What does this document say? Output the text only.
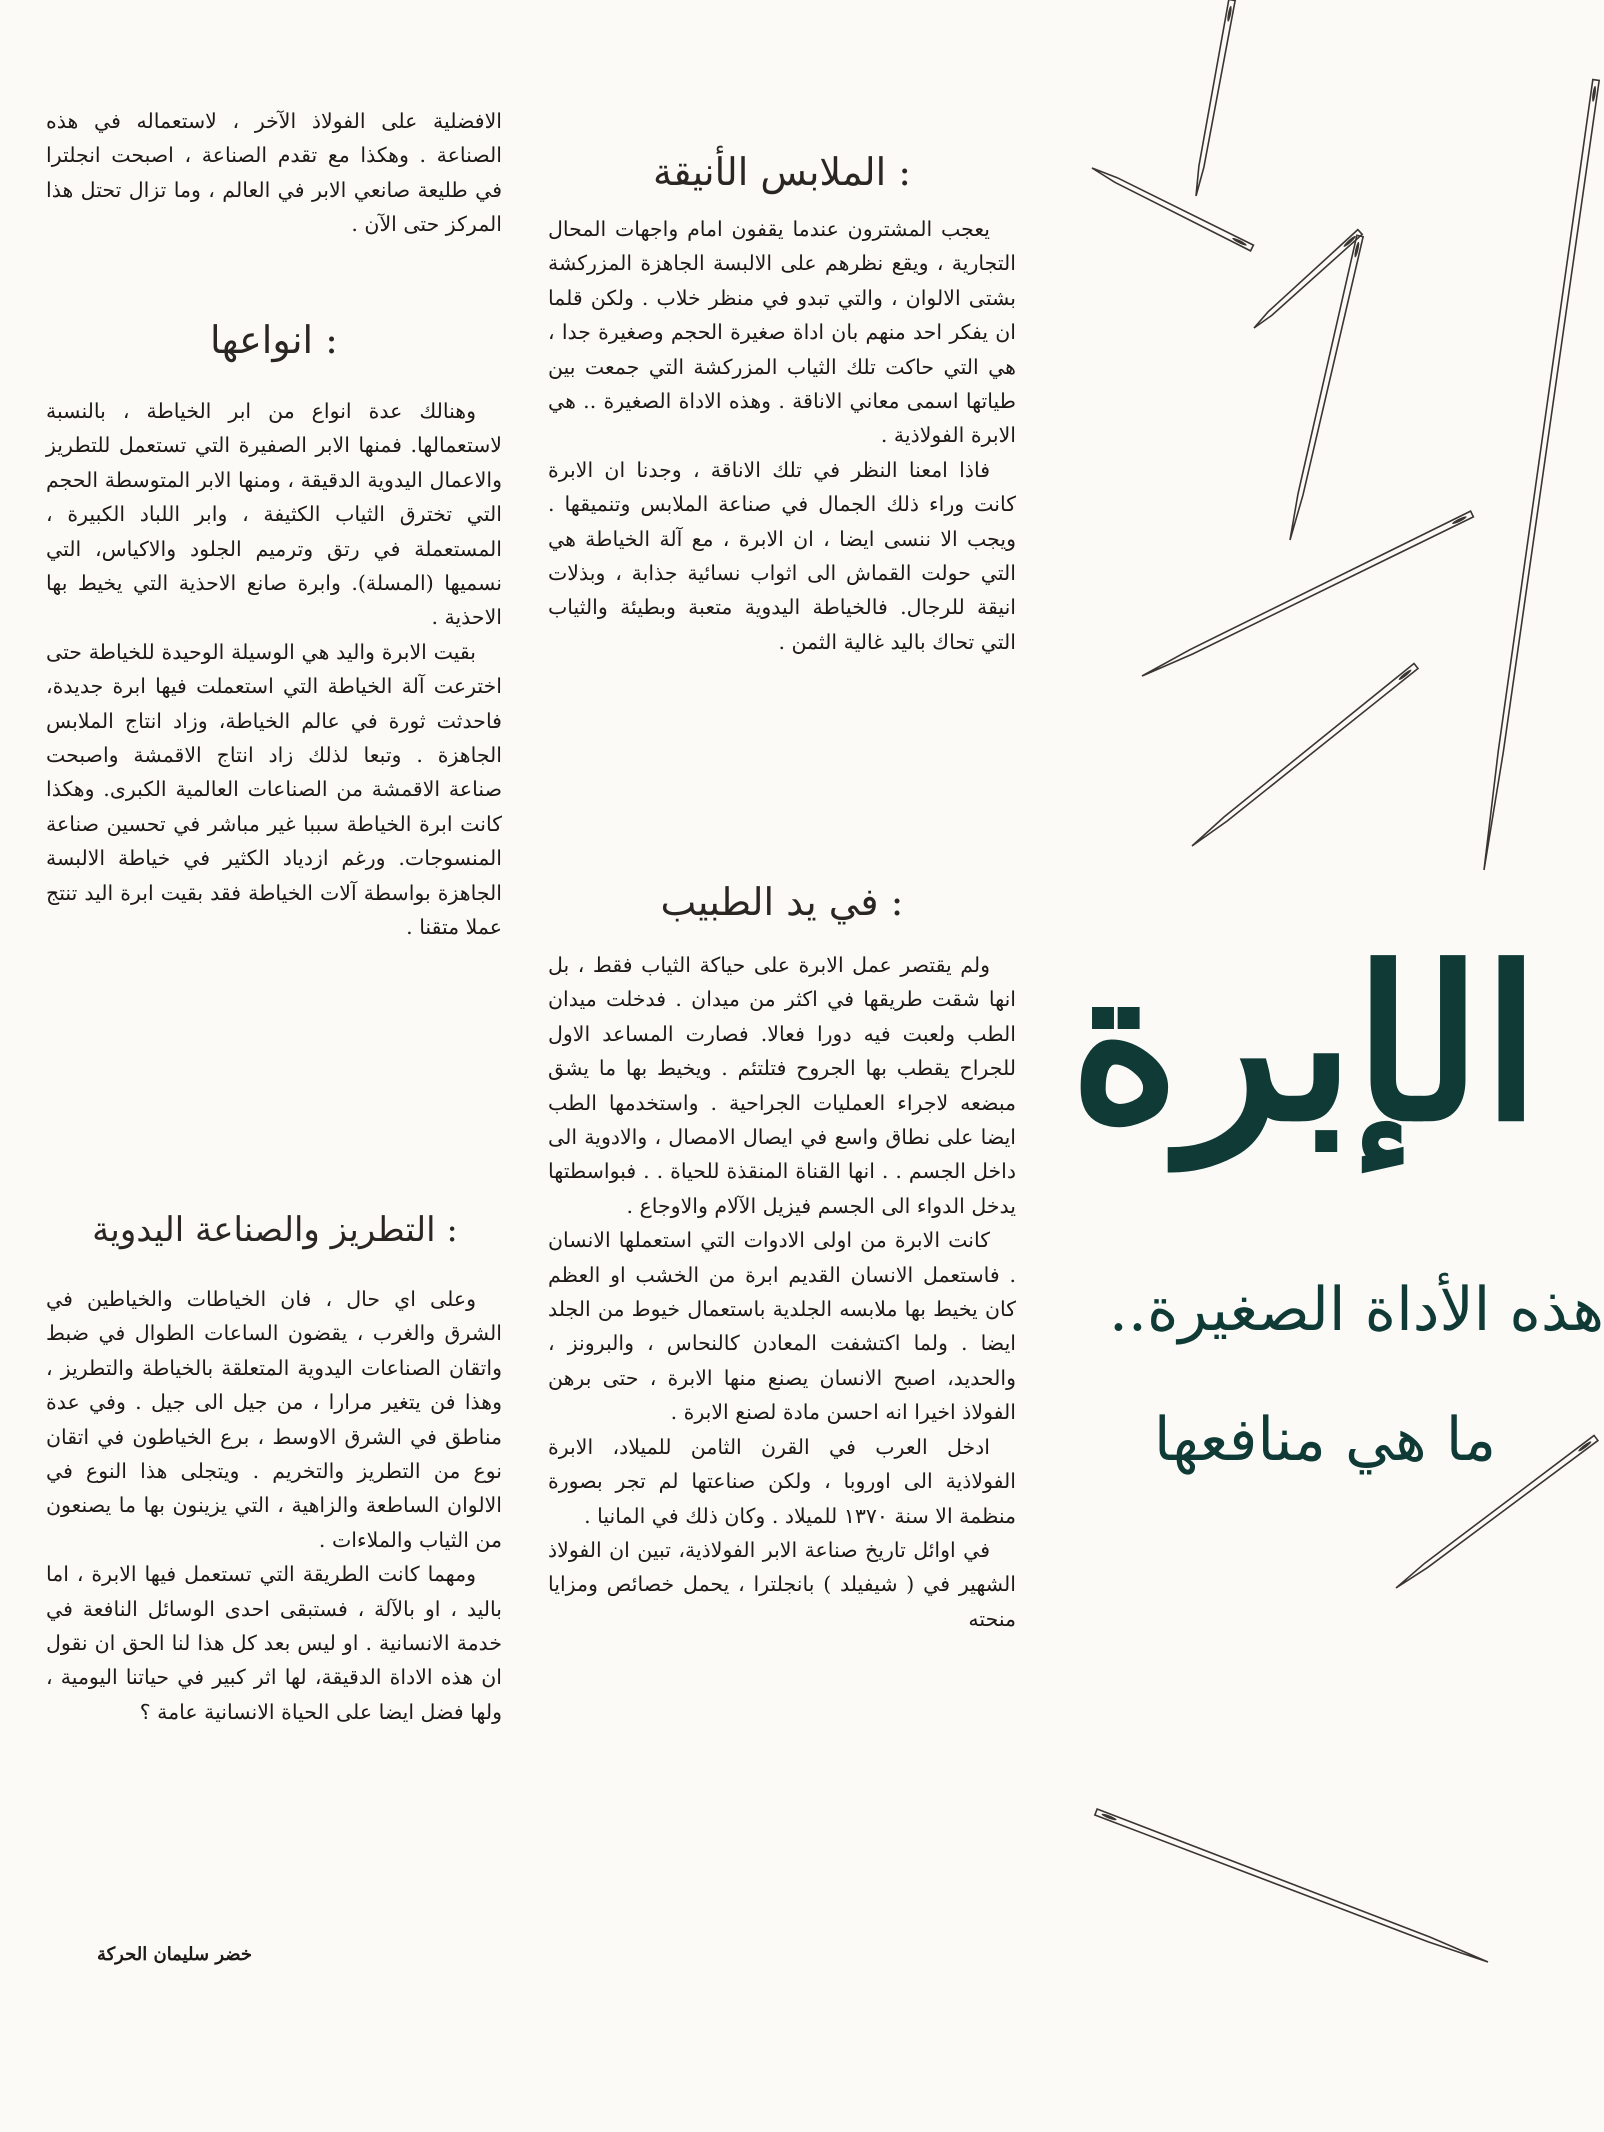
الافضلية على الفولاذ الآخر ، لاستعماله في هذه الصناعة . وهكذا مع تقدم الصناعة ، اصبحت انجلترا في طليعة صانعي الابر في العالم ، وما تزال تحتل هذا المركز حتى الآن .

انواعها :

وهنالك عدة انواع من ابر الخياطة ، بالنسبة لاستعمالها. فمنها الابر الصفيرة التي تستعمل للتطريز والاعمال اليدوية الدقيقة ، ومنها الابر المتوسطة الحجم التي تخترق الثياب الكثيفة ، وابر اللباد الكبيرة ، المستعملة في رتق وترميم الجلود والاكياس، التي نسميها (المسلة). وابرة صانع الاحذية التي يخيط بها الاحذية .

بقيت الابرة واليد هي الوسيلة الوحيدة للخياطة حتى اخترعت آلة الخياطة التي استعملت فيها ابرة جديدة، فاحدثت ثورة في عالم الخياطة، وزاد انتاج الملابس الجاهزة . وتبعا لذلك زاد انتاج الاقمشة واصبحت صناعة الاقمشة من الصناعات العالمية الكبرى. وهكذا كانت ابرة الخياطة سببا غير مباشر في تحسين صناعة المنسوجات. ورغم ازدياد الكثير في خياطة الالبسة الجاهزة بواسطة آلات الخياطة فقد بقيت ابرة اليد تنتج عملا متقنا .

التطريز والصناعة اليدوية :

وعلى اي حال ، فان الخياطات والخياطين في الشرق والغرب ، يقضون الساعات الطوال في ضبط واتقان الصناعات اليدوية المتعلقة بالخياطة والتطريز ، وهذا فن يتغير مرارا ، من جيل الى جيل . وفي عدة مناطق في الشرق الاوسط ، برع الخياطون في اتقان نوع من التطريز والتخريم . ويتجلى هذا النوع في الالوان الساطعة والزاهية ، التي يزينون بها ما يصنعون من الثياب والملاءات .

ومهما كانت الطريقة التي تستعمل فيها الابرة ، اما باليد ، او بالآلة ، فستبقى احدى الوسائل النافعة في خدمة الانسانية . او ليس بعد كل هذا لنا الحق ان نقول ان هذه الاداة الدقيقة، لها اثر كبير في حياتنا اليومية ، ولها فضل ايضا على الحياة الانسانية عامة ؟

خضر سليمان الحركة
الملابس الأنيقة :

يعجب المشترون عندما يقفون امام واجهات المحال التجارية ، ويقع نظرهم على الالبسة الجاهزة المزركشة بشتى الالوان ، والتي تبدو في منظر خلاب . ولكن قلما ان يفكر احد منهم بان اداة صغيرة الحجم وصغيرة جدا ، هي التي حاكت تلك الثياب المزركشة التي جمعت بين طياتها اسمى معاني الاناقة . وهذه الاداة الصغيرة .. هي الابرة الفولاذية .

فاذا امعنا النظر في تلك الاناقة ، وجدنا ان الابرة كانت وراء ذلك الجمال في صناعة الملابس وتنميقها . ويجب الا ننسى ايضا ، ان الابرة ، مع آلة الخياطة هي التي حولت القماش الى اثواب نسائية جذابة ، وبذلات انيقة للرجال. فالخياطة اليدوية متعبة وبطيئة والثياب التي تحاك باليد غالية الثمن .

في يد الطبيب :

ولم يقتصر عمل الابرة على حياكة الثياب فقط ، بل انها شقت طريقها في اكثر من ميدان . فدخلت ميدان الطب ولعبت فيه دورا فعالا. فصارت المساعد الاول للجراح يقطب بها الجروح فتلتئم . ويخيط بها ما يشق مبضعه لاجراء العمليات الجراحية . واستخدمها الطب ايضا على نطاق واسع في ايصال الامصال ، والادوية الى داخل الجسم . . انها القناة المنقذة للحياة . . فبواسطتها يدخل الدواء الى الجسم فيزيل الآلام والاوجاع .

كانت الابرة من اولى الادوات التي استعملها الانسان . فاستعمل الانسان القديم ابرة من الخشب او العظم كان يخيط بها ملابسه الجلدية باستعمال خيوط من الجلد ايضا . ولما اكتشفت المعادن كالنحاس ، والبرونز ، والحديد، اصبح الانسان يصنع منها الابرة ، حتى برهن الفولاذ اخيرا انه احسن مادة لصنع الابرة .

ادخل العرب في القرن الثامن للميلاد، الابرة الفولاذية الى اوروبا ، ولكن صناعتها لم تجر بصورة منظمة الا سنة ١٣٧٠ للميلاد . وكان ذلك في المانيا .

في اوائل تاريخ صناعة الابر الفولاذية، تبين ان الفولاذ الشهير في ( شيفيلد ) بانجلترا ، يحمل خصائص ومزايا منحته

الإبرة
هذه الأداة الصغيرة..
ما هي منافعها
